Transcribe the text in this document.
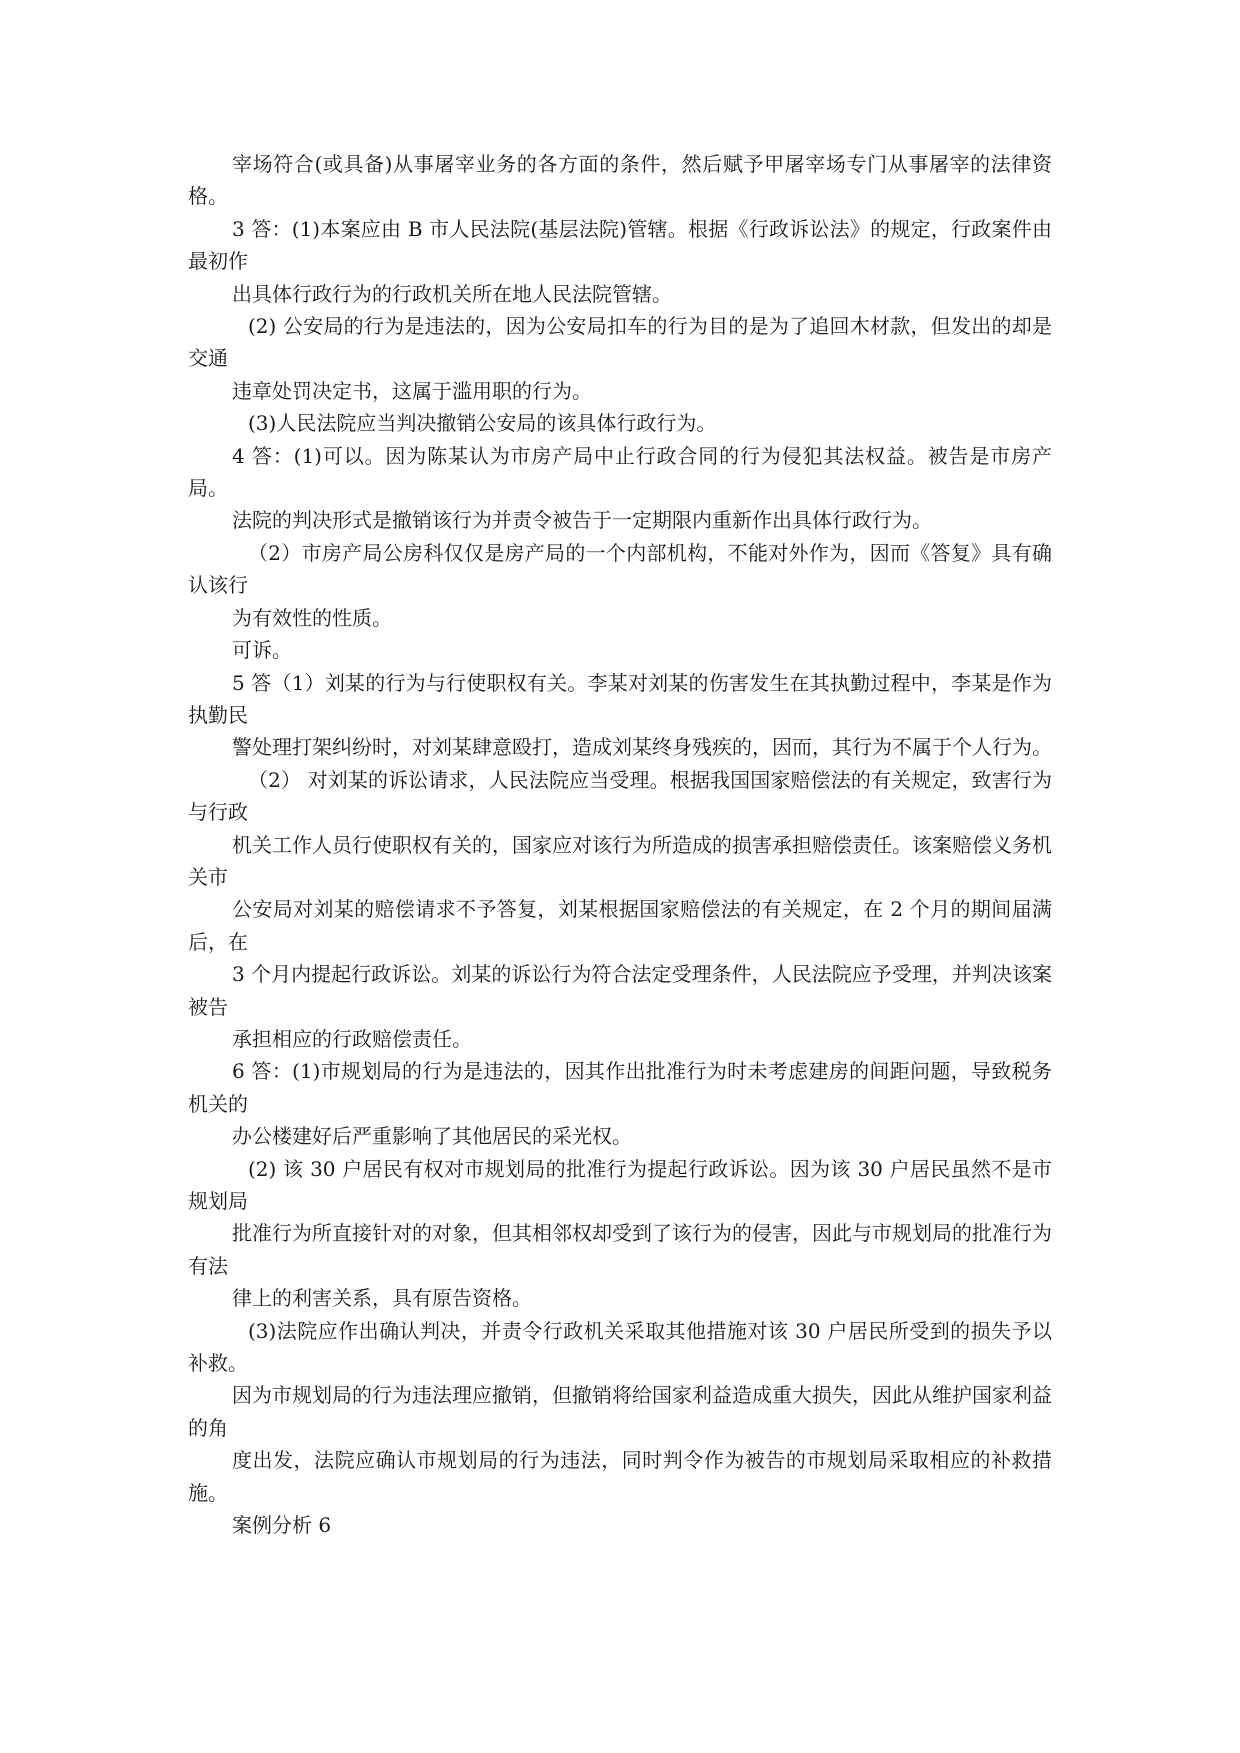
宰场符合(或具备)从事屠宰业务的各方面的条件，然后赋予甲屠宰场专门从事屠宰的法律资格。

3 答：(1)本案应由 B 市人民法院(基层法院)管辖。根据《行政诉讼法》的规定，行政案件由最初作

出具体行政行为的行政机关所在地人民法院管辖。

(2) 公安局的行为是违法的，因为公安局扣车的行为目的是为了追回木材款，但发出的却是交通

违章处罚决定书，这属于滥用职的行为。

(3)人民法院应当判决撤销公安局的该具体行政行为。

4 答：(1)可以。因为陈某认为市房产局中止行政合同的行为侵犯其法权益。被告是市房产局。

法院的判决形式是撤销该行为并责令被告于一定期限内重新作出具体行政行为。

（2）市房产局公房科仅仅是房产局的一个内部机构，不能对外作为，因而《答复》具有确认该行

为有效性的性质。

可诉。

5 答（1）刘某的行为与行使职权有关。李某对刘某的伤害发生在其执勤过程中，李某是作为执勤民

警处理打架纠纷时，对刘某肆意殴打，造成刘某终身残疾的，因而，其行为不属于个人行为。

（2） 对刘某的诉讼请求，人民法院应当受理。根据我国国家赔偿法的有关规定，致害行为与行政

机关工作人员行使职权有关的，国家应对该行为所造成的损害承担赔偿责任。该案赔偿义务机关市

公安局对刘某的赔偿请求不予答复，刘某根据国家赔偿法的有关规定，在 2 个月的期间届满后，在

3 个月内提起行政诉讼。刘某的诉讼行为符合法定受理条件，人民法院应予受理，并判决该案被告

承担相应的行政赔偿责任。

6 答：(1)市规划局的行为是违法的，因其作出批准行为时未考虑建房的间距问题，导致税务机关的

办公楼建好后严重影响了其他居民的采光权。

(2) 该 30 户居民有权对市规划局的批准行为提起行政诉讼。因为该 30 户居民虽然不是市规划局

批准行为所直接针对的对象，但其相邻权却受到了该行为的侵害，因此与市规划局的批准行为有法

律上的利害关系，具有原告资格。

(3)法院应作出确认判决，并责令行政机关采取其他措施对该 30 户居民所受到的损失予以补救。

因为市规划局的行为违法理应撤销，但撤销将给国家利益造成重大损失，因此从维护国家利益的角

度出发，法院应确认市规划局的行为违法，同时判令作为被告的市规划局采取相应的补救措施。

案例分析 6
